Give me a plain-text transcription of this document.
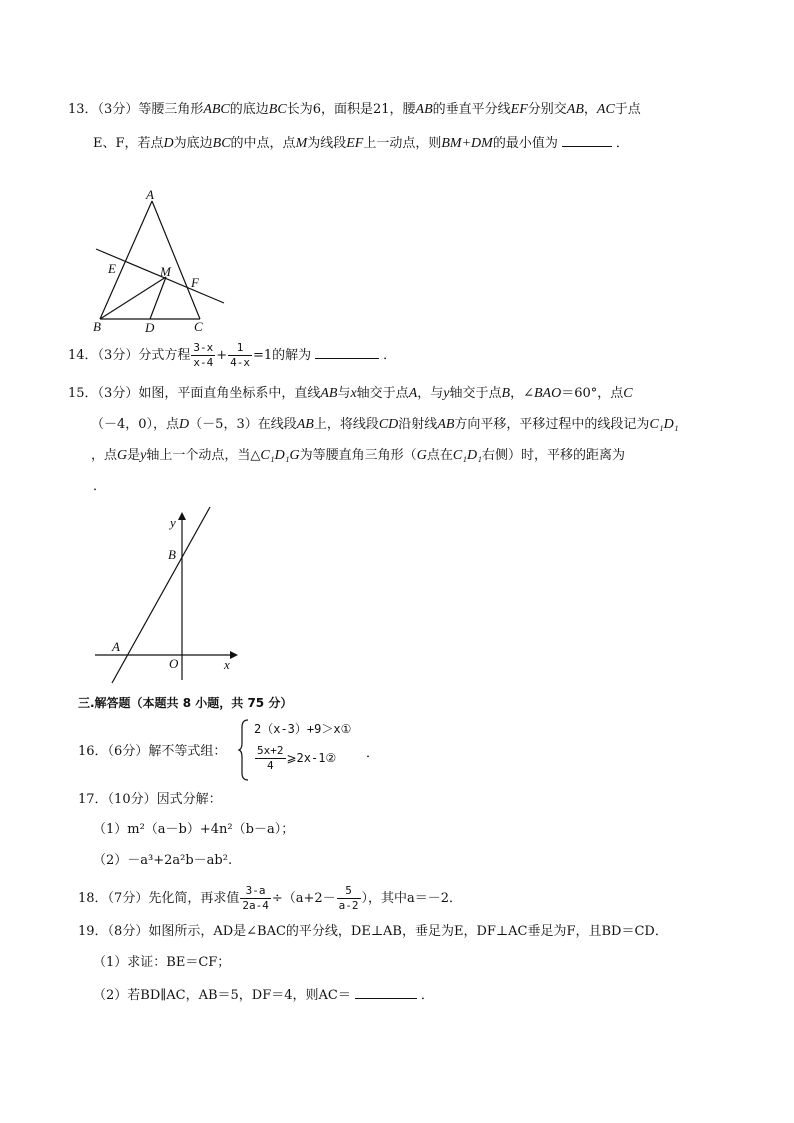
13．（3分）等腰三角形ABC的底边BC长为6，面积是21，腰AB的垂直平分线EF分别交AB，AC于点
E、F，若点D为底边BC的中点，点M为线段EF上一动点，则BM+DM的最小值为	．
A
B	C
D
E
F
M
14．（3分）分式方程 $\frac{3-x}{x-4} + \frac{1}{4-x} =1$的解为	．
15．（3分）如图，平面直角坐标系中，直线AB与x轴交于点A，与y轴交于点B，∠BAO＝60°，点C
（－4，0），点D（－5，3）在线段AB上，将线段CD沿射线AB方向平移，平移过程中的线段记为C₁D₁
，点G是y轴上一个动点，当△C₁D₁G为等腰直角三角形（G点在C₁D₁右侧）时，平移的距离为
．
y
x
B
A
O
三.解答题（本题共 8 小题，共 75 分）
16．（6分）解不等式组：
2（x-3）+9＞x①
$\frac{5x+2}{4}$ ⩾2x-1② ．
17．（10分）因式分解：
（1）m²（a－b）+4n²（b－a）；
（2）－a³+2a²b－ab².
18．（7分）先化简，再求值 $\frac{3-a}{2a-4} \div(a+2- \frac{5}{a-2}$ ），其中a＝－2．
19．（8分）如图所示，AD是∠BAC的平分线，DE⊥AB，垂足为E，DF⊥AC垂足为F，且BD＝CD．
（1）求证：BE＝CF；
（2）若BD∥AC，AB＝5，DF＝4，则AC＝	．
